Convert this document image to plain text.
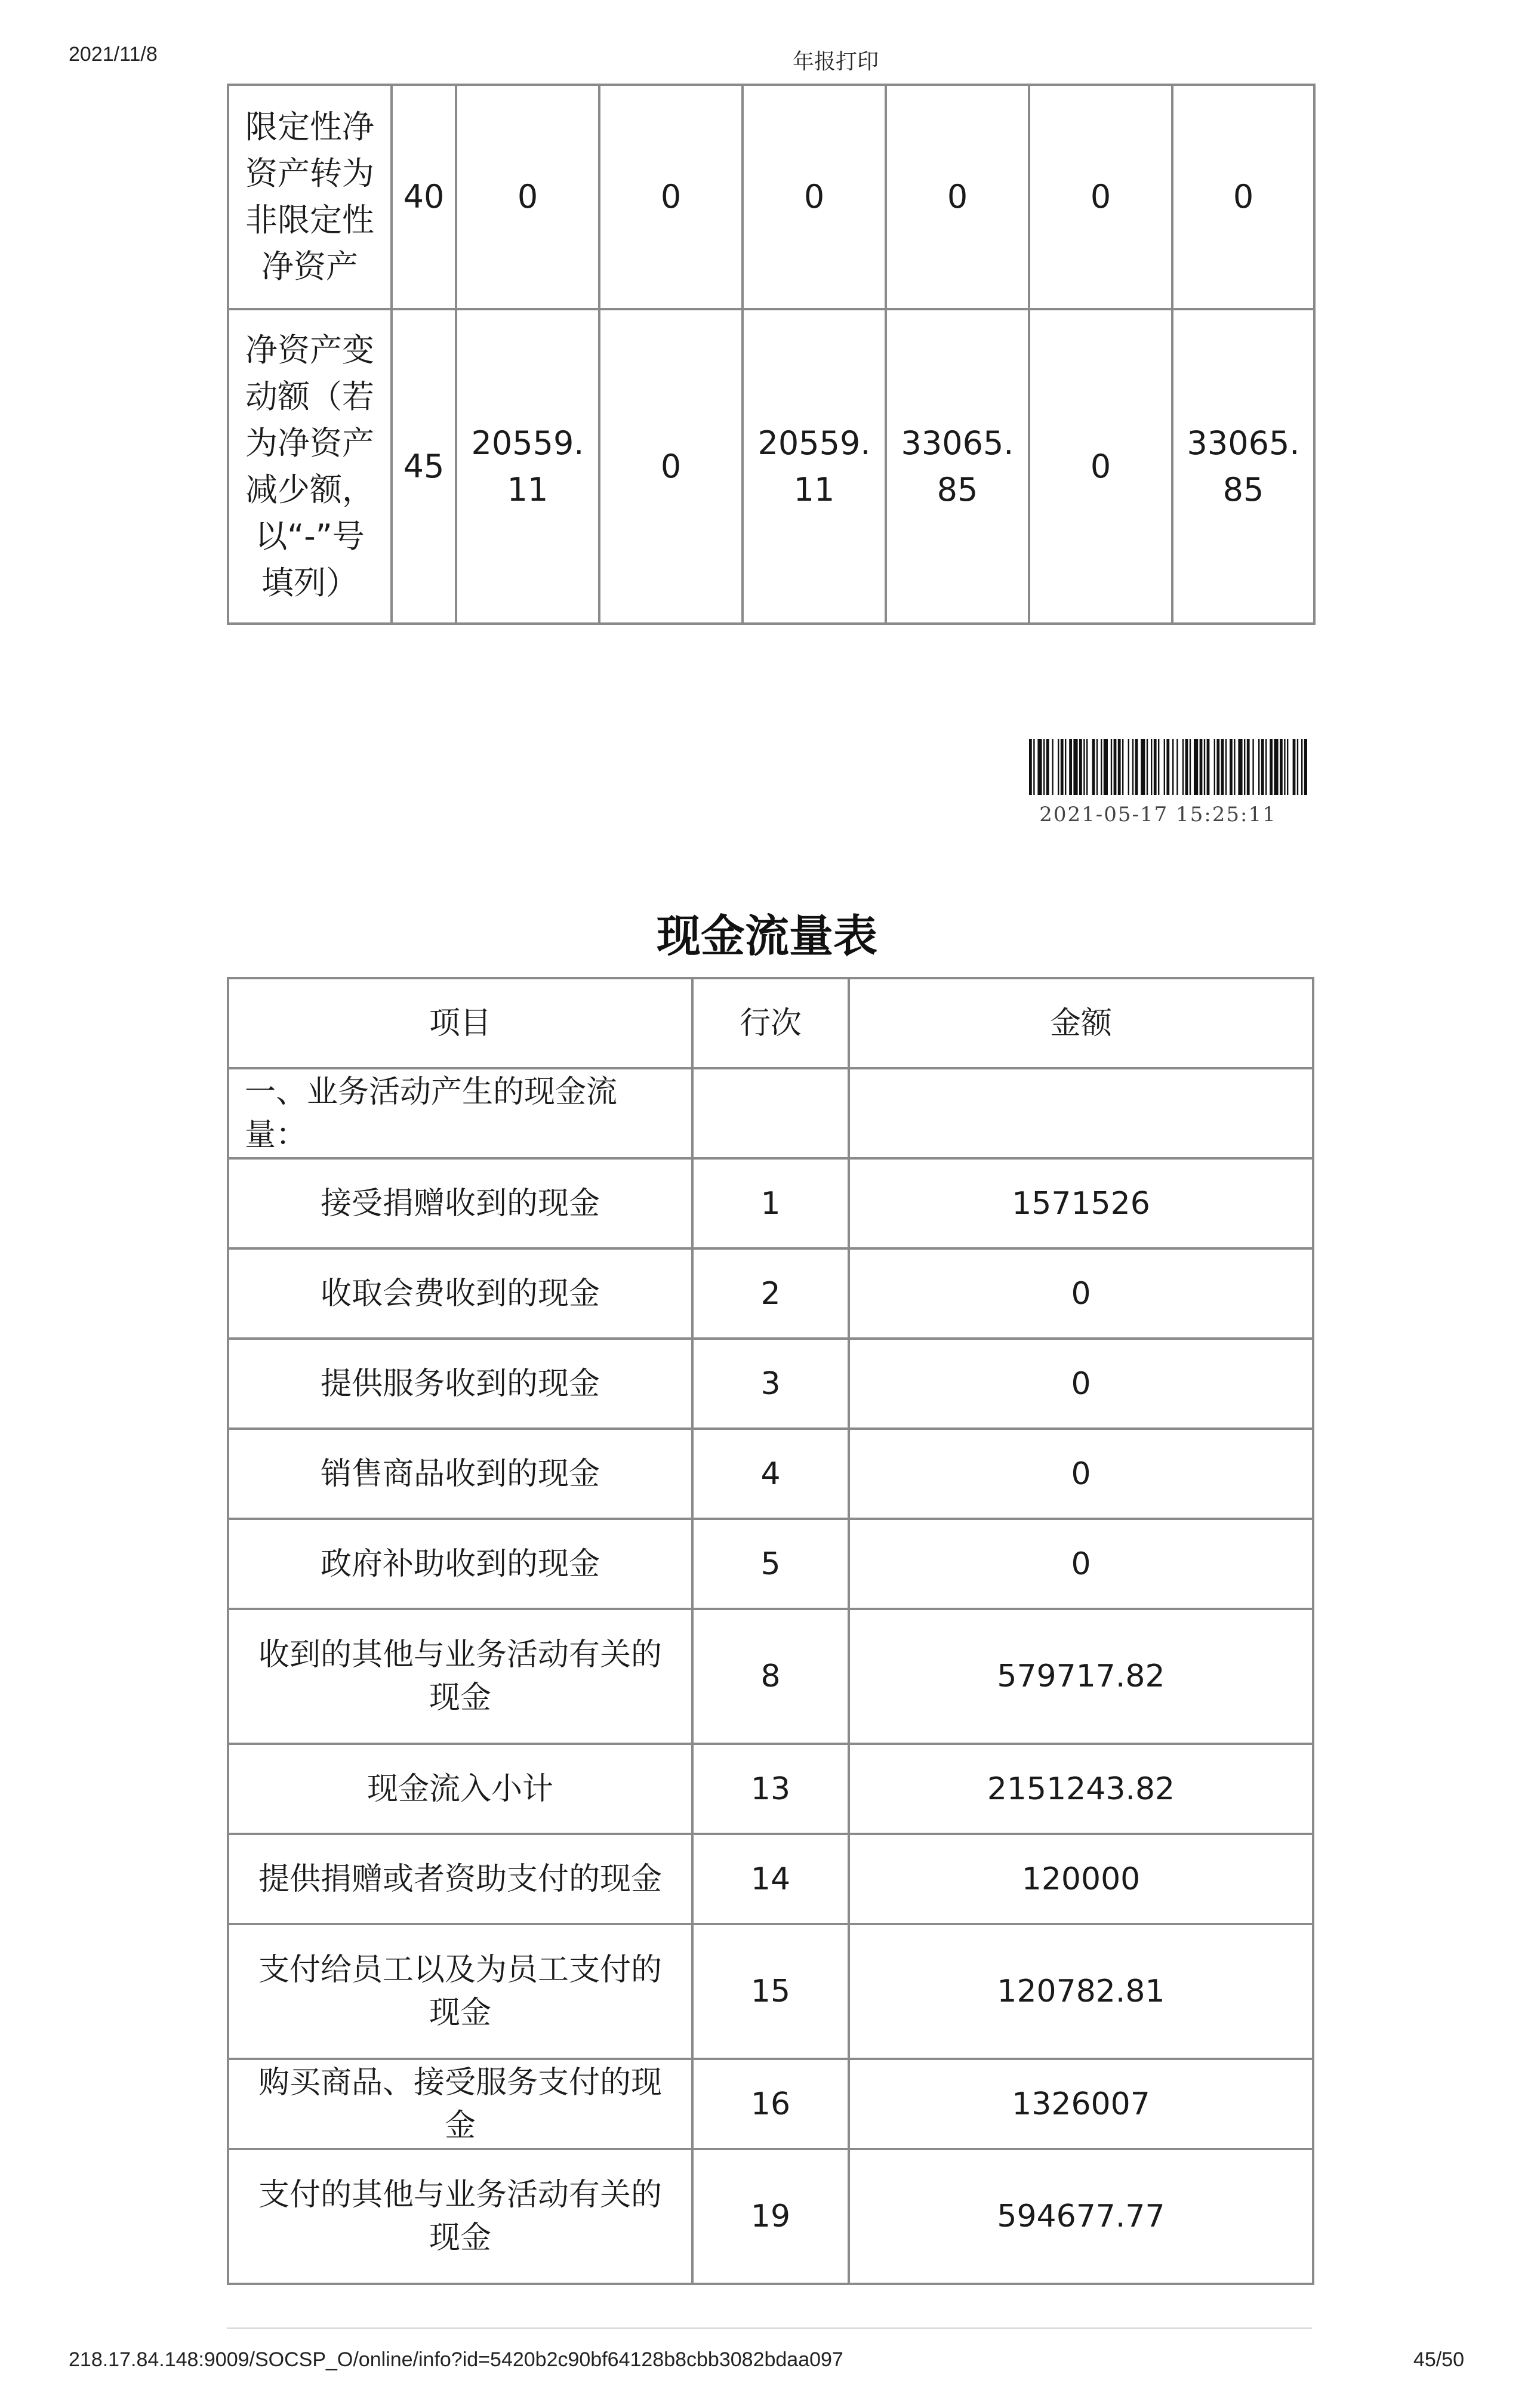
2021/11/8	年报打印
限定性净资产转为非限定性净资产	40	0	0	0	0	0	0
净资产变动额（若为净资产减少额，以“-”号填列）	45	20559.11	0	20559.11	33065.85	0	33065.85
2021-05-17 15:25:11
现金流量表
项目	行次	金额
一、业务活动产生的现金流量：		
接受捐赠收到的现金	1	1571526
收取会费收到的现金	2	0
提供服务收到的现金	3	0
销售商品收到的现金	4	0
政府补助收到的现金	5	0
收到的其他与业务活动有关的现金	8	579717.82
现金流入小计	13	2151243.82
提供捐赠或者资助支付的现金	14	120000
支付给员工以及为员工支付的现金	15	120782.81
购买商品、接受服务支付的现金	16	1326007
支付的其他与业务活动有关的现金	19	594677.77
218.17.84.148:9009/SOCSP_O/online/info?id=5420b2c90bf64128b8cbb3082bdaa097	45/50
